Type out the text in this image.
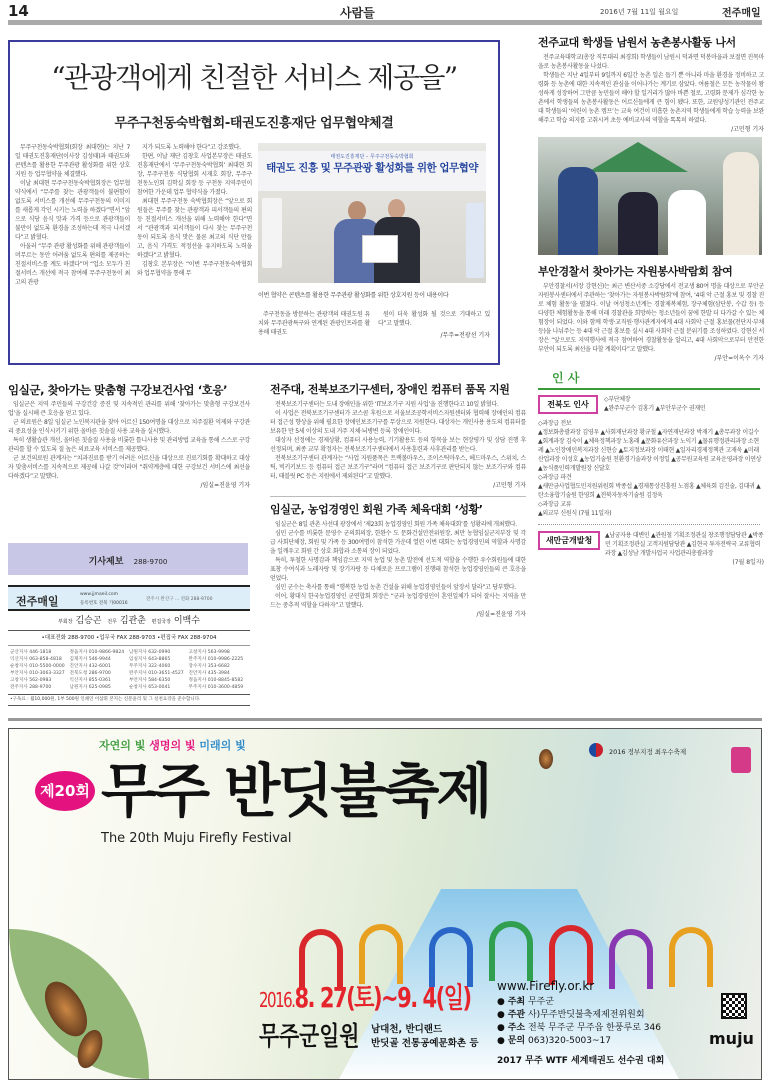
14	사람들	2016년 7월 11일 월요일	전주매일
“관광객에게 친절한 서비스 제공을”
무주구천동숙박협회-태권도진흥재단 업무협약체결

무주구천동숙박협회(회장 최대현)는 지난 7일 태권도진흥재단(이사장 김성태)과 태권도와 콘텐츠를 활용한 무주관광 활성화를 위한 상호지원 등 업무협약을 체결했다.

이날 최대현 무주구천동숙박협회장은 업무협약식에서 “무주를 찾는 관광객들이 불편함이 없도록 서비스를 개선해 무주구천동의 이미지를 새롭게 각인 시키는 노력을 하겠다”면서 “앞으로 식당 음식 맛과 가격 등으로 관광객들이 불만이 없도록 환경을 조성하는데 적극 나서겠다”고 밝혔다.

아울러 “무주 관광 활성화를 위해 관광객들이 머무르는 동안 어려움 없도록 편의를 제공하는 친절서비스를 계도 하겠다”며 “업소 모두가 친절서비스 개선에 적극 참여해 무주구천동이 최고의 관광

지가 되도록 노력해야 한다”고 강조했다.

한편, 이날 재단 김창호 사업본부장은 태권도진흥재단에서 ‘무주구천동숙박협회’ 최대현 회장, 무주구천동 식당협회 시재호 회장, 무주구천동노인회 김학실 회장 등 구천동 지역주민이 참여한 가운데 업무 협약식을 가졌다.

최대현 무주구천동 숙박협회장은 “앞으로 회원들은 무주를 찾는 관광객과 피서객들의 편의 등 친절서비스 개선을 위해 노력해야 한다”면서 “관광객과 피서객들이 다시 찾는 무주구천동이 되도록 음식 맛은 물론 최고의 식단 만들고, 음식 가격도 적정선을 유지하도록 노력을 하겠다”고 밝혔다.

김창호 본부장은 “이번 무주구천동숙박협회와 업무협약을 통해 무

태권도진흥재단 – 무주구천동숙박협회
태권도 진흥 및 무주관광 활성화를 위한 업무협약
이번 협약은 콘텐츠를 활용한 무주관광 활성화를 위한 상호지원 등이 내용이다

주구천동을 방문하는 관광객의 태권도원 유치와 무주관광특구와 연계된 관광인프라를 활용해 태권도

원이 더욱 활성화 될 것으로 기대하고 있다”고 말했다.

/무주=전광선 기자
전주교대 학생들 남원서 농촌봉사활동 나서

전주교육대학교(총장 직무대리 최경희) 학생들이 남원시 덕과면 덕봉마을과 보절면 진목마을로 농촌봉사활동을 나섰다.

학생들은 지난 4일부터 9일까지 6일간 농촌 일손 돕기 뿐 아니라 마을 환경을 정비하고 고령화 등 농촌에 대한 지속적인 관심을 이어나가는 계기로 삼았다. 여름철은 모든 농작물이 왕성하게 성장하여 그만큼 농민들이 해야 할 일거리가 많아 바쁜 철로, 고령화 문제가 심각한 농촌에서 학생들의 농촌봉사활동은 어르신들에게 큰 힘이 됐다. 또한, 교원양성기관인 전주교대 학생들의 ‘어린이 농촌 캠프’는 교육 여건이 미흡한 농촌지역 학생들에게 학습 능력을 보완해주고 학습 의지를 고취시켜 초등 예비교사의 역할을 톡톡히 하였다.

/고민형 기자
부안경찰서 찾아가는 자원봉사박람회 참여

부안경찰서(서장 강현신)는 최근 변산서중 소강당에서 전교생 80여 명을 대상으로 부안군 자원봉사센터에서 주관하는 ‘찾아가는 자원봉사박람회’에 참여, ‘4대 악 근절 홍보 및 경찰 진로 체험 활동’을 펼쳤다. 이날 여성청소년계는 경찰제복체험, 장구체험(삼단봉, 수갑 등) 등 다양한 체험활동을 통해 미래 경찰관을 희망하는 청소년들이 꿈에 한발 더 다가갈 수 있는 체험장이 되었다. 이와 함께 학생·교직원·행사관계자에게 4대 사회악 근절 홍보물(전단지·부채 등)을 나눠주는 등 4대 악 근절 홍보를 실시 4대 사회악 근절 분위기를 조성하였다. 강현신 서장은 “앞으로도 지역행사에 적극 참여하여 경찰활동을 알리고, 4대 사회악으로부터 안전한 부안이 되도록 최선을 다할 계획이다”고 말했다.

/부안=이옥수 기자
인 사
전북도 인사

◇부단체장

▲완주부군수 김홍기 ▲부안부군수 권재민

◇과장급 전보

▲정보화총괄과장 김영우 ▲사회재난과장 황규철 ▲자연재난과장 박재기 ▲총무과장 이길수 ▲회계과장 김숙이 ▲체육정책과장 노홍래 ▲문화유산과장 노익기 ▲물류행정관리과장 소현례 ▲노인장애인복지과장 신현승 ▲토지정보과장 이태현 ▲일자리경제정책관 고재욱 ▲미래산업과장 이성호 ▲농업기술원 친환경기술과장 이정일 ▲공무원교육원 교육운영과장 이연상 ▲농식품인력개발원장 신달호

◇과장급 파견

▲새만금사업협도민지원위원회 박종섭 ▲경제통상진흥원 노점홍 ▲체육회 김진술, 김대귀 ▲탄소융합기술원 한영희 ▲전북자동차기술원 김정욱

◇과장급 교류

▲외교부 신원식 (7월 11일자)

새만금개발청

▲남궁자용 대변인 ▲관원철 기획조정관실 창조행정담당관 ▲박종민 기획조정관실 고객지원담당관 ▲김현국 투자전략국 교류협력과장 ▲김성남 개발사업국 사업관리총괄과장

(7월 8일자)
임실군, 찾아가는 맞춤형 구강보건사업 ‘호응’

임실군은 지역 주민들의 구강건강 증진 및 지속적인 관리를 위해 ‘찾아가는 맞춤형 구강보건사업’을 실시해 큰 호응을 얻고 있다.

군 의료원은 8일 임실군 노인복지관을 찾아 어르신 150여명을 대상으로 치주질환 억제와 구강관리 중요성을 인식시키기 위한 올바른 칫솔질 사용 교육을 실시했다.

특히 생활습관 개선, 올바른 칫솔질 사용을 비롯한 틀니사용 및 관리방법 교육을 통해 스스로 구강관리를 할 수 있도록 질 높은 의료교육 서비스를 제공했다.

군 보건의료원 관계자는 “치과진료를 받기 어려운 어르신을 대상으로 진료기회를 확대하고 대상자 맞춤서비스를 지속적으로 제공해 나갈 것”이라며 “취약계층에 대한 구강보건 서비스에 최선을 다하겠다”고 말했다.

/임실=진윤영 기자
기사제보 288-9700
전주매일
www.jjmaeil.com
등록번호 전북 가00016
전주시 완산구 ... 전화 288-9700
부회장 김승곤 전무 김관춘 편집국장 이백수
•대표전화 288-9700 •업무국 FAX 288-9703 •편집국 FAX 288-9704
군산지사 446-1818	정읍지사 010-9866-9824	남원지사 632-0990	고창지사 563-9998
익산지사 063-858-4818	김제지사 546-9944	임실지사 643-8865	완주지사 010-9986-2225
순창지사 010-5500-0000	진안지사 432-6001	무주지사 322-4060	장수지사 353-6682
부안지사 010-3063-3327	전북도청 286-9700	완주지사 010-3651-4527	진안지사 435-3984
고창지사 562-0983	익산지사 855-0361	부안지사 584-6350	정읍지사 010-8845-8582
전주지사 288-9700	남원지사 625-0985	순창지사 653-0041	무주지사 010-3600-4859
•구독료 : 월10,000원, 1부 500원 인쇄인 이삼휘 본지는 신문윤리 및 그 실천요강을 준수합니다.
전주대, 전북보조기구센터, 장애인 컴퓨터 품목 지원

전북보조기구센터는 도내 장애인을 위한 ‘IT보조기구 지원 사업’을 진행한다고 10일 밝혔다.

이 사업은 전북보조기구센터가 코스콤 후원으로 서울보조공학서비스지원센터와 협력해 장애인의 컴퓨터 접근성 향상을 위해 필요한 장애인보조기구를 무상으로 지원한다. 대상자는 개인사용 용도의 컴퓨터를 보유한 만 5세 이상의 도내 거주 지체·뇌병변 등록 장애인이다.

대상자 선정에는 경제상황, 컴퓨터 사용능력, 기기활용도 등의 항목을 보는 현장평가 및 상담 진행 후 선정되며, 최종 교부 확정자는 전북보조기구센터에서 사용훈련과 사후관리를 받는다.

전북보조기구센터 관계자는 “사업 지원품목은 트랙볼마우스, 조이스틱마우스, 헤드마우스, 스위치, 스틱, 빅키키보드 등 컴퓨터 접근 보조기구”라며 “컴퓨터 접근 보조기구로 판단되지 않는 보조기구와 컴퓨터, 태블릿 PC 등은 지원에서 제외된다”고 말했다.

/고민형 기자
임실군, 농업경영인 회원 가족 체육대회 ‘성황’

임실군은 8일 관촌 사선대 광장에서 ‘제23회 농업경영인 회원 가족 체육대회’를 성황리에 개최했다.

심민 군수를 비롯한 문영수 군의회의장, 한완수 도 문화건설안전위원장, 최만 농협임실군지부장 및 각급 사회단체장, 회원 및 가족 등 300여명이 참석한 가운데 열린 이번 대회는 농업경영인의 역할과 사명감을 일깨우고 회원 간 상호 화합과 소통의 장이 되었다.

특히, 투철한 사명감과 책임감으로 지역 농업 및 농촌 발전에 선도적 역할을 수행한 우수회원들에 대한 표창 수여식과 노래자랑 및 장기자랑 등 다채로운 프로그램이 진행돼 참석한 농업경영인들의 큰 호응을 얻었다.

심민 군수는 축사를 통해 “행복한 농업 농촌 건설을 위해 농업경영인들이 앞장서 달라”고 당부했다.

이어, 황대식 한국농업경영인 군연합회 회장은 “군과 농업경영인이 혼연일체가 되어 잘사는 지역을 만드는 중추적 역할을 다하자”고 말했다.

/임실=진윤영 기자
자연의 빛 생명의 빛 미래의 빛
제20회 무주 반딧불축제
The 20th Muju Firefly Festival
2016 정부지정 최우수축제
2016.8. 27(토)~9. 4(일)
무주군일원 남대천, 반디랜드
반딧골 전통공예문화촌 등
www.Firefly.or.kr
● 주최 무주군
● 주관 사)무주반딧불축제제전위원회
● 주소 전북 무주군 무주읍 한풍루로 346
● 문의 063)320-5003~17
2017 무주 WTF 세계태권도 선수권 대회
muju
